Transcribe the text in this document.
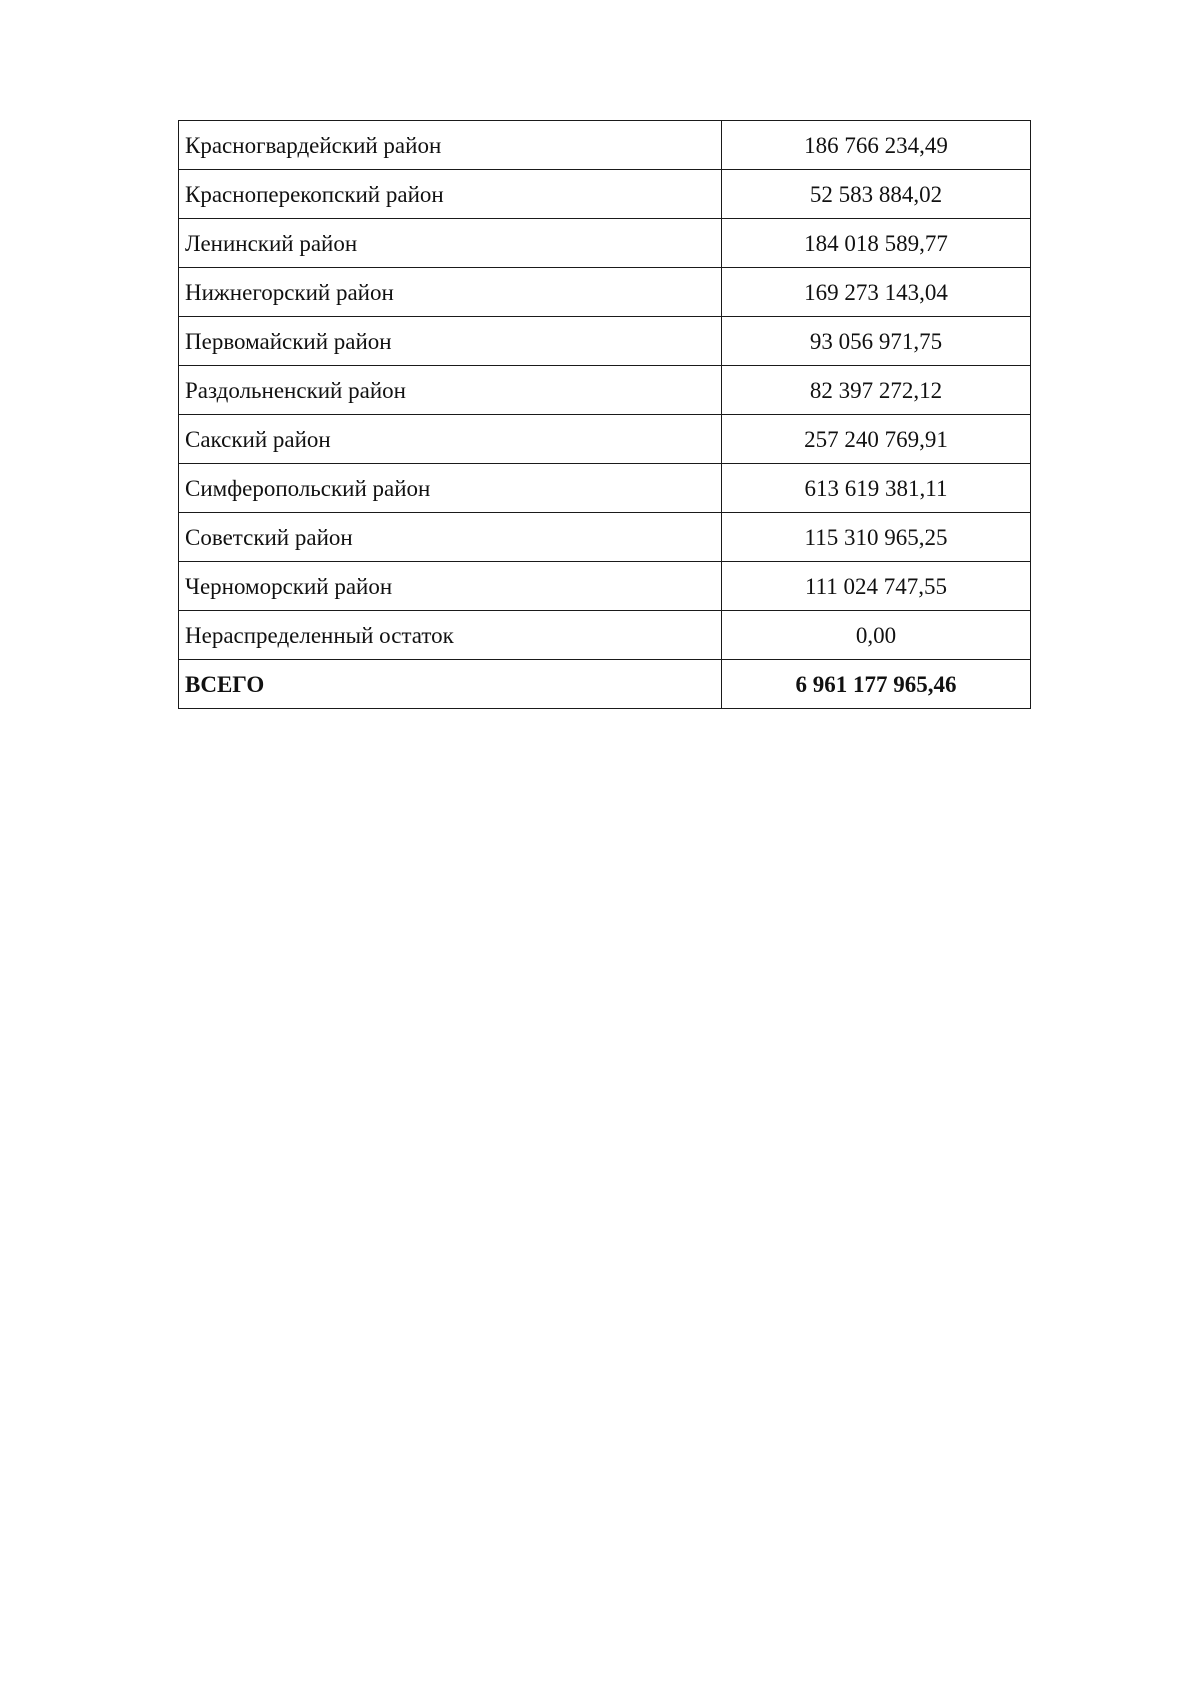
Красногвардейский район	186 766 234,49
Красноперекопский район	52 583 884,02
Ленинский район	184 018 589,77
Нижнегорский район	169 273 143,04
Первомайский район	93 056 971,75
Раздольненский район	82 397 272,12
Сакский район	257 240 769,91
Симферопольский район	613 619 381,11
Советский район	115 310 965,25
Черноморский район	111 024 747,55
Нераспределенный остаток	0,00
ВСЕГО	6 961 177 965,46
